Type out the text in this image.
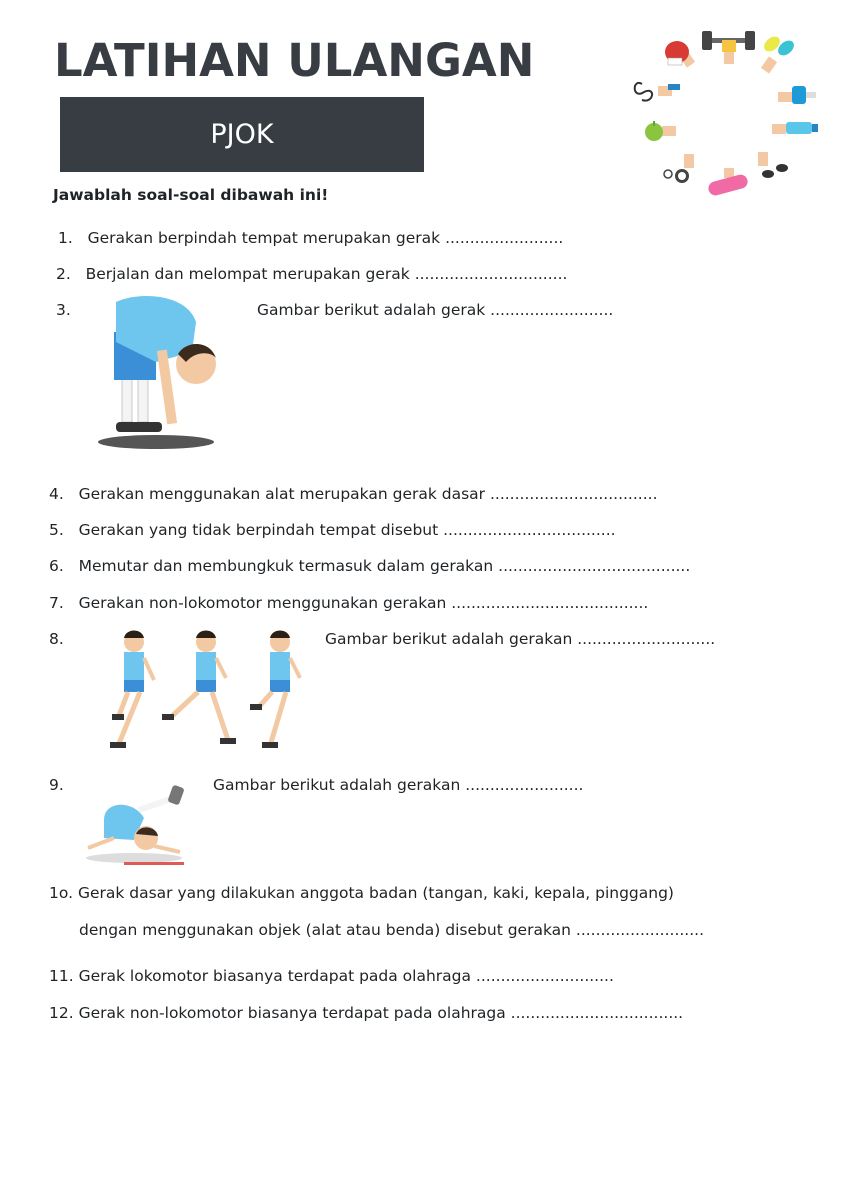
LATIHAN ULANGAN
PJOK
Jawablah soal-soal dibawah ini!
1. Gerakan berpindah tempat merupakan gerak ........................
2. Berjalan dan melompat merupakan gerak ...............................
3.	Gambar berikut adalah gerak .........................
4. Gerakan menggunakan alat merupakan gerak dasar ..................................
5. Gerakan yang tidak berpindah tempat disebut ...................................
6. Memutar dan membungkuk termasuk dalam gerakan .......................................
7. Gerakan non-lokomotor menggunakan gerakan ........................................
8.	Gambar berikut adalah gerakan ............................
9.	Gambar berikut adalah gerakan ........................
1o. Gerak dasar yang dilakukan anggota badan (tangan, kaki, kepala, pinggang)
dengan menggunakan objek (alat atau benda) disebut gerakan ..........................
11. Gerak lokomotor biasanya terdapat pada olahraga ............................
12. Gerak non-lokomotor biasanya terdapat pada olahraga ...................................
